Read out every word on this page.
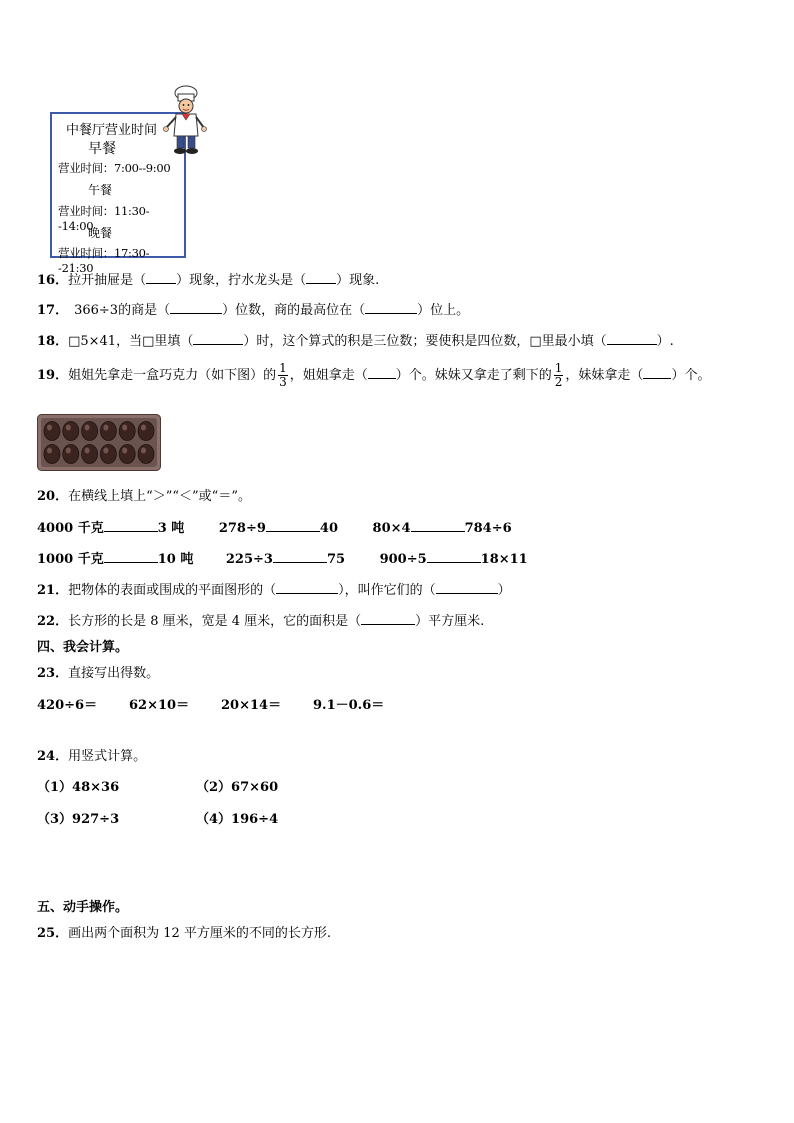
中餐厅营业时间
早餐
营业时间：7:00--9:00
午餐
营业时间：11:30--14:00
晚餐
营业时间：17:30--21:30
16．拉开抽屉是（ ）现象，拧水龙头是（ ）现象.
17． 366÷3的商是（	）位数，商的最高位在（	）位上。
18．□5×41，当□里填（	）时，这个算式的积是三位数；要使积是四位数，□里最小填（	）.
19．姐姐先拿走一盒巧克力（如下图）的 $\frac{1}{3}$ ，姐姐拿走（ ）个。妹妹又拿走了剩下的 $\frac{1}{2}$ ，妹妹拿走（ ）个。
20．在横线上填上“＞”“＜”或“＝”。
4000 千克	3 吨	278÷9	40	80×4	784÷6
1000 千克	10 吨	225÷3	75	900÷5	18×11
21．把物体的表面或围成的平面图形的（	），叫作它们的（	）
22．长方形的长是 8 厘米，宽是 4 厘米，它的面积是（	）平方厘米.
四、我会计算。
23．直接写出得数。
420÷6＝ 62×10＝ 20×14＝ 9.1－0.6＝
24．用竖式计算。
（1）48×36	（2）67×60
（3）927÷3	（4）196÷4
五、动手操作。
25．画出两个面积为 12 平方厘米的不同的长方形.
